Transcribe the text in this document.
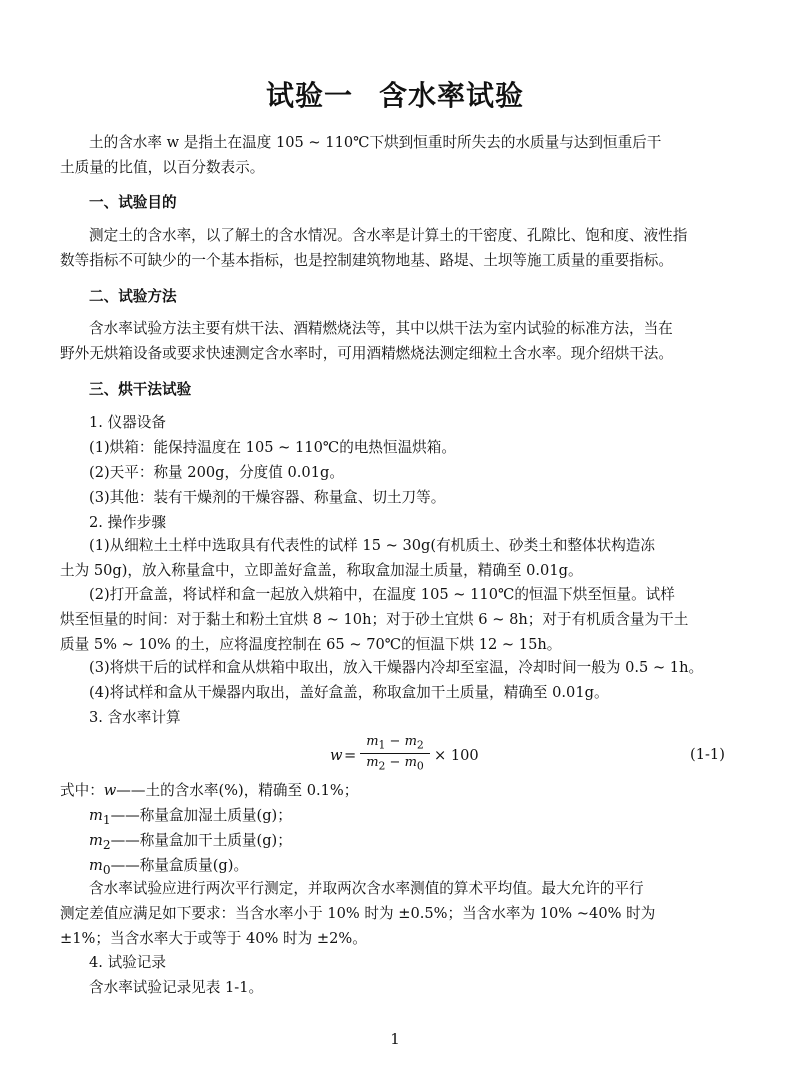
试验一 含水率试验
土的含水率 w 是指土在温度 105 ~ 110℃下烘到恒重时所失去的水质量与达到恒重后干
土质量的比值，以百分数表示。
一、试验目的
测定土的含水率，以了解土的含水情况。含水率是计算土的干密度、孔隙比、饱和度、液性指
数等指标不可缺少的一个基本指标，也是控制建筑物地基、路堤、土坝等施工质量的重要指标。
二、试验方法
含水率试验方法主要有烘干法、酒精燃烧法等，其中以烘干法为室内试验的标准方法，当在
野外无烘箱设备或要求快速测定含水率时，可用酒精燃烧法测定细粒土含水率。现介绍烘干法。
三、烘干法试验
1. 仪器设备
(1)烘箱：能保持温度在 105 ~ 110℃的电热恒温烘箱。
(2)天平：称量 200g，分度值 0.01g。
(3)其他：装有干燥剂的干燥容器、称量盒、切土刀等。
2. 操作步骤
(1)从细粒土土样中选取具有代表性的试样 15 ~ 30g(有机质土、砂类土和整体状构造冻
土为 50g)，放入称量盒中，立即盖好盒盖，称取盒加湿土质量，精确至 0.01g。
(2)打开盒盖，将试样和盒一起放入烘箱中，在温度 105 ~ 110℃的恒温下烘至恒量。试样
烘至恒量的时间：对于黏土和粉土宜烘 8 ~ 10h；对于砂土宜烘 6 ~ 8h；对于有机质含量为干土
质量 5% ~ 10% 的土，应将温度控制在 65 ~ 70℃的恒温下烘 12 ~ 15h。
(3)将烘干后的试样和盒从烘箱中取出，放入干燥器内冷却至室温，冷却时间一般为 0.5 ~ 1h。
(4)将试样和盒从干燥器内取出，盖好盒盖，称取盒加干土质量，精确至 0.01g。
3. 含水率计算
w =
$m_1 - m_2$
$m_2 - m_0$
× 100	(1-1)
式中：w——土的含水率(%)，精确至 0.1%；
$m_1——$称量盒加湿土质量(g)；
$m_2——$称量盒加干土质量(g)；
$m_0——$称量盒质量(g)。
含水率试验应进行两次平行测定，并取两次含水率测值的算术平均值。最大允许的平行
测定差值应满足如下要求：当含水率小于 10% 时为 ±0.5%；当含水率为 10% ~40% 时为
±1%；当含水率大于或等于 40% 时为 ±2%。
4. 试验记录
含水率试验记录见表 1-1。
1
